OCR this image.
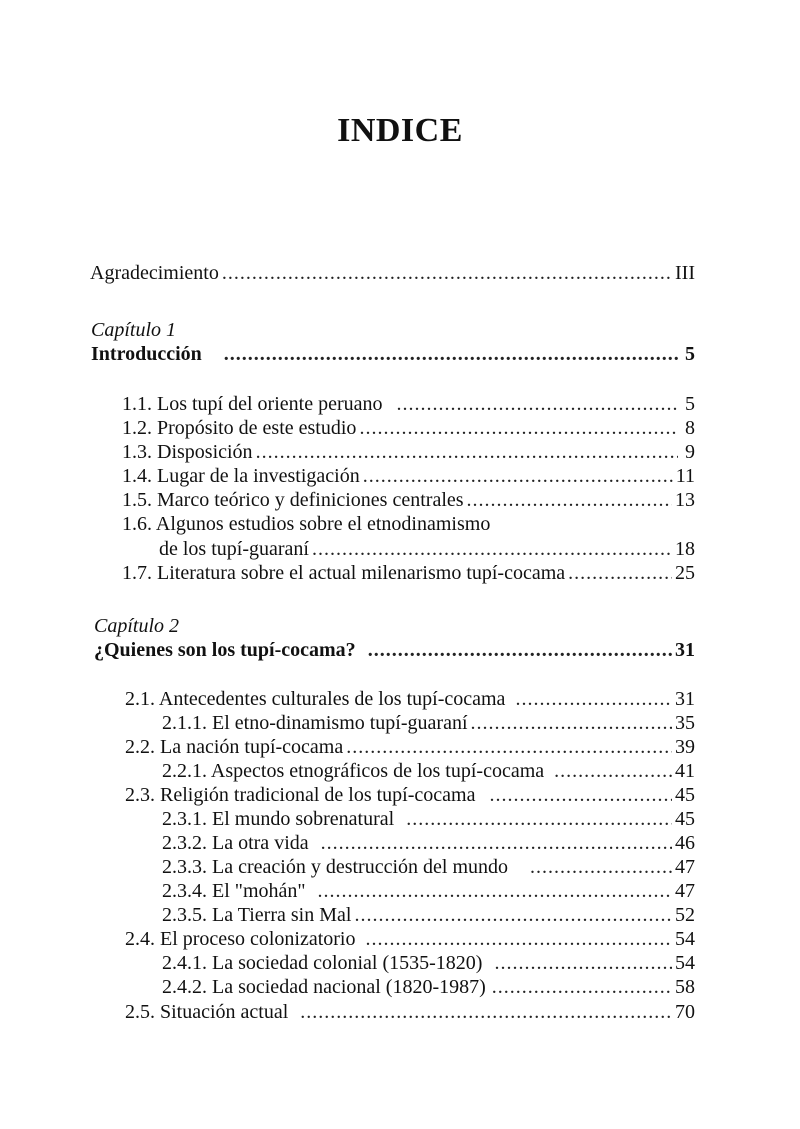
INDICE
Agradecimiento .....	III
Capítulo 1
Introducción .....	5
1.1. Los tupí del oriente peruano .....	5
1.2. Propósito de este estudio .....	8
1.3. Disposición .....	9
1.4. Lugar de la investigación .....	11
1.5. Marco teórico y definiciones centrales .....	13
1.6. Algunos estudios sobre el etnodinamismo
de los tupí-guaraní .....	18
1.7. Literatura sobre el actual milenarismo tupí-cocama .....	25
Capítulo 2
¿Quienes son los tupí-cocama? .....	31
2.1. Antecedentes culturales de los tupí-cocama .....	31
2.1.1. El etno-dinamismo tupí-guaraní .....	35
2.2. La nación tupí-cocama .....	39
2.2.1. Aspectos etnográficos de los tupí-cocama .....	41
2.3. Religión tradicional de los tupí-cocama .....	45
2.3.1. El mundo sobrenatural .....	45
2.3.2. La otra vida .....	46
2.3.3. La creación y destrucción del mundo .....	47
2.3.4. El "mohán" .....	47
2.3.5. La Tierra sin Mal .....	52
2.4. El proceso colonizatorio .....	54
2.4.1. La sociedad colonial (1535-1820) .....	54
2.4.2. La sociedad nacional (1820-1987) .....	58
2.5. Situación actual .....	70
